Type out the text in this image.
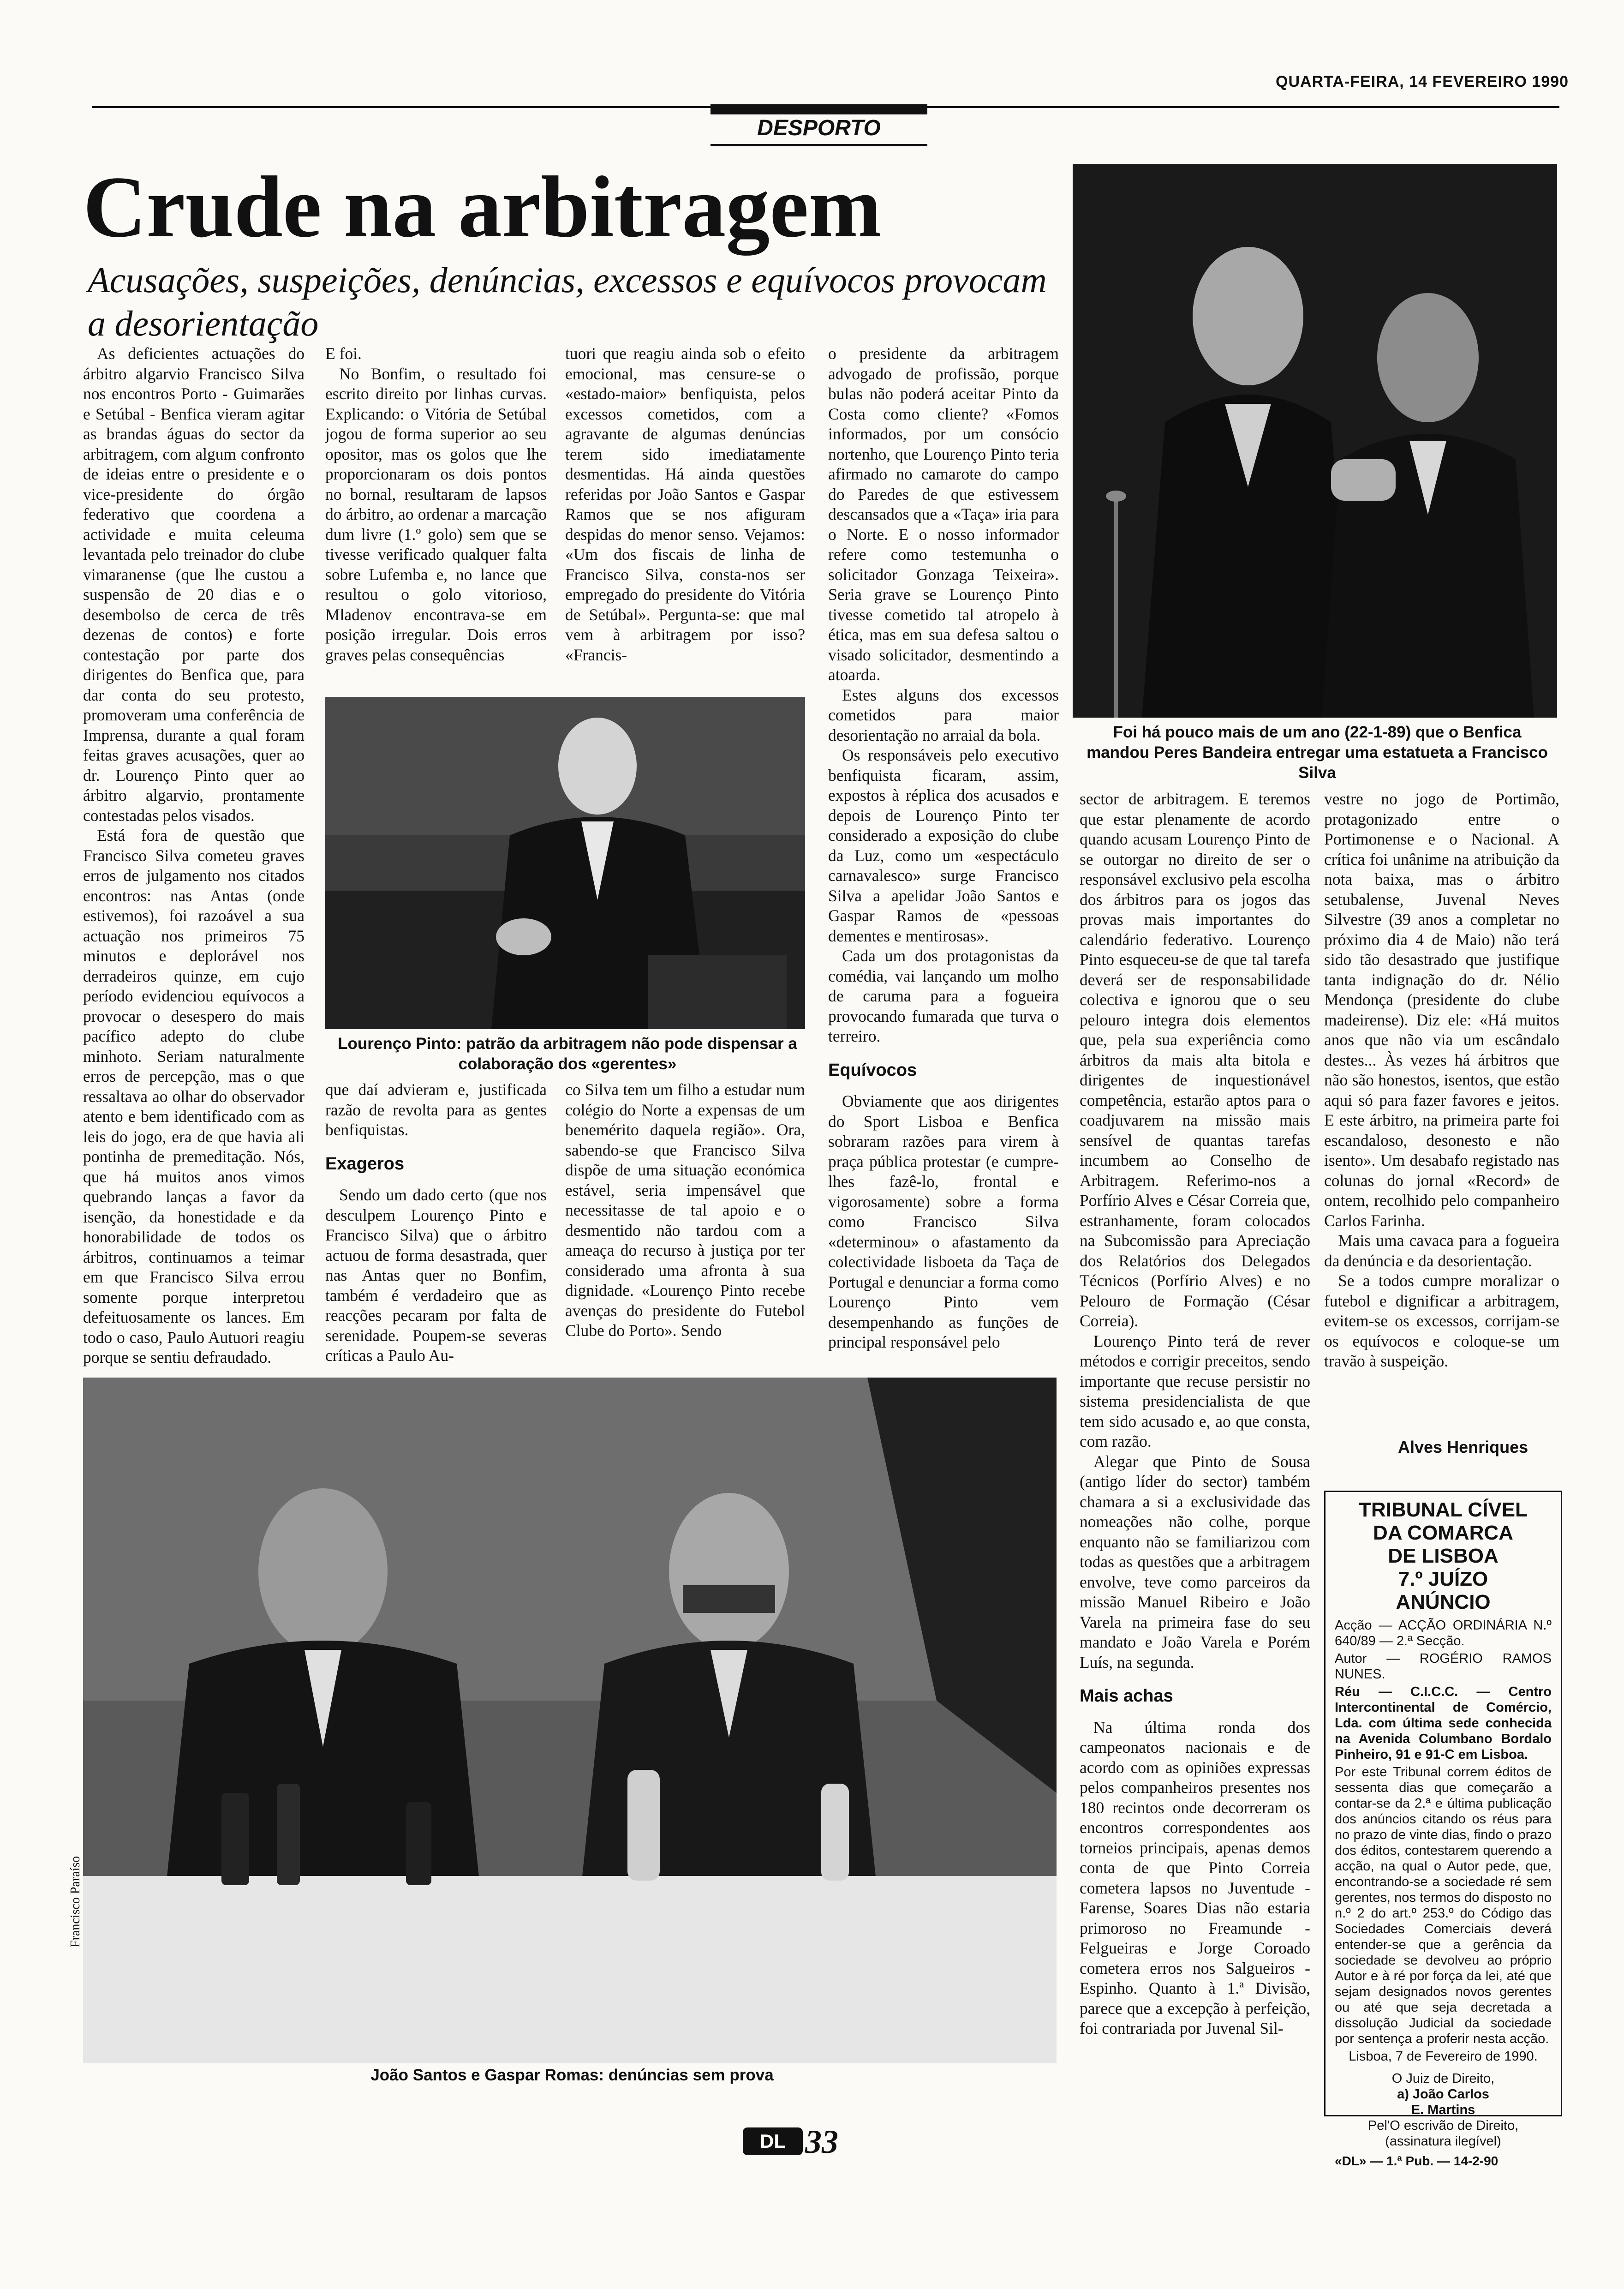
QUARTA-FEIRA, 14 FEVEREIRO 1990
DESPORTO
Crude na arbitragem
Acusações, suspeições, denúncias, excessos e equívocos provocam a desorientação
Foi há pouco mais de um ano (22-1-89) que o Benfica mandou Peres Bandeira entregar uma estatueta a Francisco Silva

As deficientes actuações do árbitro algarvio Francisco Silva nos encontros Porto - Guimarães e Setúbal - Benfica vieram agitar as brandas águas do sector da arbitragem, com algum confronto de ideias entre o presidente e o vice-presidente do órgão federativo que coordena a actividade e muita celeuma levantada pelo treinador do clube vimaranense (que lhe custou a suspensão de 20 dias e o desembolso de cerca de três dezenas de contos) e forte contestação por parte dos dirigentes do Benfica que, para dar conta do seu protesto, promoveram uma conferência de Imprensa, durante a qual foram feitas graves acusações, quer ao dr. Lourenço Pinto quer ao árbitro algarvio, prontamente contestadas pelos visados.

Está fora de questão que Francisco Silva cometeu graves erros de julgamento nos citados encontros: nas Antas (onde estivemos), foi razoável a sua actuação nos primeiros 75 minutos e deplorável nos derradeiros quinze, em cujo período evidenciou equívocos a provocar o desespero do mais pacífico adepto do clube minhoto. Seriam naturalmente erros de percepção, mas o que ressaltava ao olhar do observador atento e bem identificado com as leis do jogo, era de que havia ali pontinha de premeditação. Nós, que há muitos anos vimos quebrando lanças a favor da isenção, da honestidade e da honorabilidade de todos os árbitros, continuamos a teimar em que Francisco Silva errou somente porque interpretou defeituosamente os lances. Em todo o caso, Paulo Autuori reagiu porque se sentiu defraudado.

E foi.

No Bonfim, o resultado foi escrito direito por linhas curvas. Explicando: o Vitória de Setúbal jogou de forma superior ao seu opositor, mas os golos que lhe proporcionaram os dois pontos no bornal, resultaram de lapsos do árbitro, ao ordenar a marcação dum livre (1.º golo) sem que se tivesse verificado qualquer falta sobre Lufemba e, no lance que resultou o golo vitorioso, Mladenov encontrava-se em posição irregular. Dois erros graves pelas consequências

tuori que reagiu ainda sob o efeito emocional, mas censure-se o «estado-maior» benfiquista, pelos excessos cometidos, com a agravante de algumas denúncias terem sido imediatamente desmentidas. Há ainda questões referidas por João Santos e Gaspar Ramos que se nos afiguram despidas do menor senso. Vejamos: «Um dos fiscais de linha de Francisco Silva, consta-nos ser empregado do presidente do Vitória de Setúbal». Pergunta-se: que mal vem à arbitragem por isso? «Francis-

o presidente da arbitragem advogado de profissão, porque bulas não poderá aceitar Pinto da Costa como cliente? «Fomos informados, por um consócio nortenho, que Lourenço Pinto teria afirmado no camarote do campo do Paredes de que estivessem descansados que a «Taça» iria para o Norte. E o nosso informador refere como testemunha o solicitador Gonzaga Teixeira». Seria grave se Lourenço Pinto tivesse cometido tal atropelo à ética, mas em sua defesa saltou o visado solicitador, desmentindo a atoarda.

Estes alguns dos excessos cometidos para maior desorientação no arraial da bola.

Os responsáveis pelo executivo benfiquista ficaram, assim, expostos à réplica dos acusados e depois de Lourenço Pinto ter considerado a exposição do clube da Luz, como um «espectáculo carnavalesco» surge Francisco Silva a apelidar João Santos e Gaspar Ramos de «pessoas dementes e mentirosas».

Cada um dos protagonistas da comédia, vai lançando um molho de caruma para a fogueira provocando fumarada que turva o terreiro.

Equívocos

Obviamente que aos dirigentes do Sport Lisboa e Benfica sobraram razões para virem à praça pública protestar (e cumpre-lhes fazê-lo, frontal e vigorosamente) sobre a forma como Francisco Silva «determinou» o afastamento da colectividade lisboeta da Taça de Portugal e denunciar a forma como Lourenço Pinto vem desempenhando as funções de principal responsável pelo

Lourenço Pinto: patrão da arbitragem não pode dispensar a colaboração dos «gerentes»

que daí advieram e, justificada razão de revolta para as gentes benfiquistas.

Exageros

Sendo um dado certo (que nos desculpem Lourenço Pinto e Francisco Silva) que o árbitro actuou de forma desastrada, quer nas Antas quer no Bonfim, também é verdadeiro que as reacções pecaram por falta de serenidade. Poupem-se severas críticas a Paulo Au-

co Silva tem um filho a estudar num colégio do Norte a expensas de um benemérito daquela região». Ora, sabendo-se que Francisco Silva dispõe de uma situação económica estável, seria impensável que necessitasse de tal apoio e o desmentido não tardou com a ameaça do recurso à justiça por ter considerado uma afronta à sua dignidade. «Lourenço Pinto recebe avenças do presidente do Futebol Clube do Porto». Sendo

sector de arbitragem. E teremos que estar plenamente de acordo quando acusam Lourenço Pinto de se outorgar no direito de ser o responsável exclusivo pela escolha dos árbitros para os jogos das provas mais importantes do calendário federativo. Lourenço Pinto esqueceu-se de que tal tarefa deverá ser de responsabilidade colectiva e ignorou que o seu pelouro integra dois elementos que, pela sua experiência como árbitros da mais alta bitola e dirigentes de inquestionável competência, estarão aptos para o coadjuvarem na missão mais sensível de quantas tarefas incumbem ao Conselho de Arbitragem. Referimo-nos a Porfírio Alves e César Correia que, estranhamente, foram colocados na Subcomissão para Apreciação dos Relatórios dos Delegados Técnicos (Porfírio Alves) e no Pelouro de Formação (César Correia).

Lourenço Pinto terá de rever métodos e corrigir preceitos, sendo importante que recuse persistir no sistema presidencialista de que tem sido acusado e, ao que consta, com razão.

Alegar que Pinto de Sousa (antigo líder do sector) também chamara a si a exclusividade das nomeações não colhe, porque enquanto não se familiarizou com todas as questões que a arbitragem envolve, teve como parceiros da missão Manuel Ribeiro e João Varela na primeira fase do seu mandato e João Varela e Porém Luís, na segunda.

Mais achas

Na última ronda dos campeonatos nacionais e de acordo com as opiniões expressas pelos companheiros presentes nos 180 recintos onde decorreram os encontros correspondentes aos torneios principais, apenas demos conta de que Pinto Correia cometera lapsos no Juventude - Farense, Soares Dias não estaria primoroso no Freamunde - Felgueiras e Jorge Coroado cometera erros nos Salgueiros - Espinho. Quanto à 1.ª Divisão, parece que a excepção à perfeição, foi contrariada por Juvenal Sil-

vestre no jogo de Portimão, protagonizado entre o Portimonense e o Nacional. A crítica foi unânime na atribuição da nota baixa, mas o árbitro setubalense, Juvenal Neves Silvestre (39 anos a completar no próximo dia 4 de Maio) não terá sido tão desastrado que justifique tanta indignação do dr. Nélio Mendonça (presidente do clube madeirense). Diz ele: «Há muitos anos que não via um escândalo destes... Às vezes há árbitros que não são honestos, isentos, que estão aqui só para fazer favores e jeitos. E este árbitro, na primeira parte foi escandaloso, desonesto e não isento». Um desabafo registado nas colunas do jornal «Record» de ontem, recolhido pelo companheiro Carlos Farinha.

Mais uma cavaca para a fogueira da denúncia e da desorientação.

Se a todos cumpre moralizar o futebol e dignificar a arbitragem, evitem-se os excessos, corrijam-se os equívocos e coloque-se um travão à suspeição.

Alves Henriques
Francisco Paraíso
João Santos e Gaspar Romas: denúncias sem prova
TRIBUNAL CÍVEL
DA COMARCA
DE LISBOA
7.º JUÍZO
ANÚNCIO

Acção — ACÇÃO ORDINÁRIA N.º 640/89 — 2.ª Secção.

Autor — ROGÉRIO RAMOS NUNES.

Réu — C.I.C.C. — Centro Intercontinental de Comércio, Lda. com última sede conhecida na Avenida Columbano Bordalo Pinheiro, 91 e 91-C em Lisboa.

Por este Tribunal correm éditos de sessenta dias que começarão a contar-se da 2.ª e última publicação dos anúncios citando os réus para no prazo de vinte dias, findo o prazo dos éditos, contestarem querendo a acção, na qual o Autor pede, que, encontrando-se a sociedade ré sem gerentes, nos termos do disposto no n.º 2 do art.º 253.º do Código das Sociedades Comerciais deverá entender-se que a gerência da sociedade se devolveu ao próprio Autor e à ré por força da lei, até que sejam designados novos gerentes ou até que seja decretada a dissolução Judicial da sociedade por sentença a proferir nesta acção.

Lisboa, 7 de Fevereiro de 1990.

O Juiz de Direito,
a) João Carlos
E. Martins
Pel'O escrivão de Direito,
(assinatura ilegível)
«DL» — 1.ª Pub. — 14-2-90
DL 33
